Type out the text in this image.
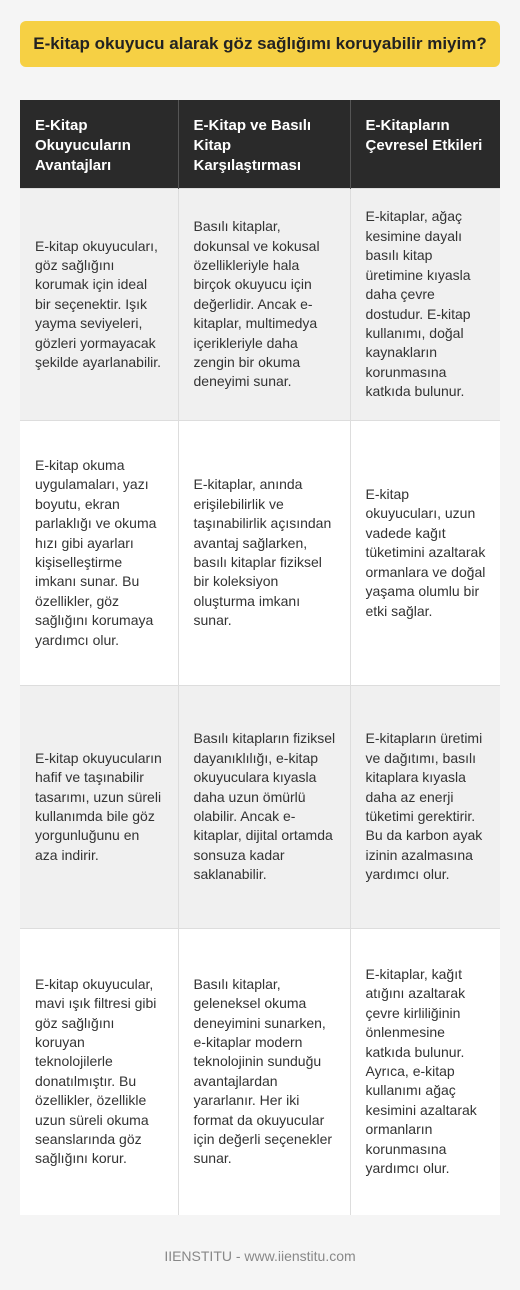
E-kitap okuyucu alarak göz sağlığımı koruyabilir miyim?
E-Kitap Okuyucuların Avantajları	E-Kitap ve Basılı Kitap Karşılaştırması	E-Kitapların Çevresel Etkileri
E-kitap okuyucuları, göz sağlığını korumak için ideal bir seçenektir. Işık yayma seviyeleri, gözleri yormayacak şekilde ayarlanabilir.	Basılı kitaplar, dokunsal ve kokusal özellikleriyle hala birçok okuyucu için değerlidir. Ancak e-kitaplar, multimedya içerikleriyle daha zengin bir okuma deneyimi sunar.	E-kitaplar, ağaç kesimine dayalı basılı kitap üretimine kıyasla daha çevre dostudur. E-kitap kullanımı, doğal kaynakların korunmasına katkıda bulunur.
E-kitap okuma uygulamaları, yazı boyutu, ekran parlaklığı ve okuma hızı gibi ayarları kişiselleştirme imkanı sunar. Bu özellikler, göz sağlığını korumaya yardımcı olur.	E-kitaplar, anında erişilebilirlik ve taşınabilirlik açısından avantaj sağlarken, basılı kitaplar fiziksel bir koleksiyon oluşturma imkanı sunar.	E-kitap okuyucuları, uzun vadede kağıt tüketimini azaltarak ormanlara ve doğal yaşama olumlu bir etki sağlar.
E-kitap okuyucuların hafif ve taşınabilir tasarımı, uzun süreli kullanımda bile göz yorgunluğunu en aza indirir.	Basılı kitapların fiziksel dayanıklılığı, e-kitap okuyuculara kıyasla daha uzun ömürlü olabilir. Ancak e-kitaplar, dijital ortamda sonsuza kadar saklanabilir.	E-kitapların üretimi ve dağıtımı, basılı kitaplara kıyasla daha az enerji tüketimi gerektirir. Bu da karbon ayak izinin azalmasına yardımcı olur.
E-kitap okuyucular, mavi ışık filtresi gibi göz sağlığını koruyan teknolojilerle donatılmıştır. Bu özellikler, özellikle uzun süreli okuma seanslarında göz sağlığını korur.	Basılı kitaplar, geleneksel okuma deneyimini sunarken, e-kitaplar modern teknolojinin sunduğu avantajlardan yararlanır. Her iki format da okuyucular için değerli seçenekler sunar.	E-kitaplar, kağıt atığını azaltarak çevre kirliliğinin önlenmesine katkıda bulunur. Ayrıca, e-kitap kullanımı ağaç kesimini azaltarak ormanların korunmasına yardımcı olur.
IIENSTITU - www.iienstitu.com
